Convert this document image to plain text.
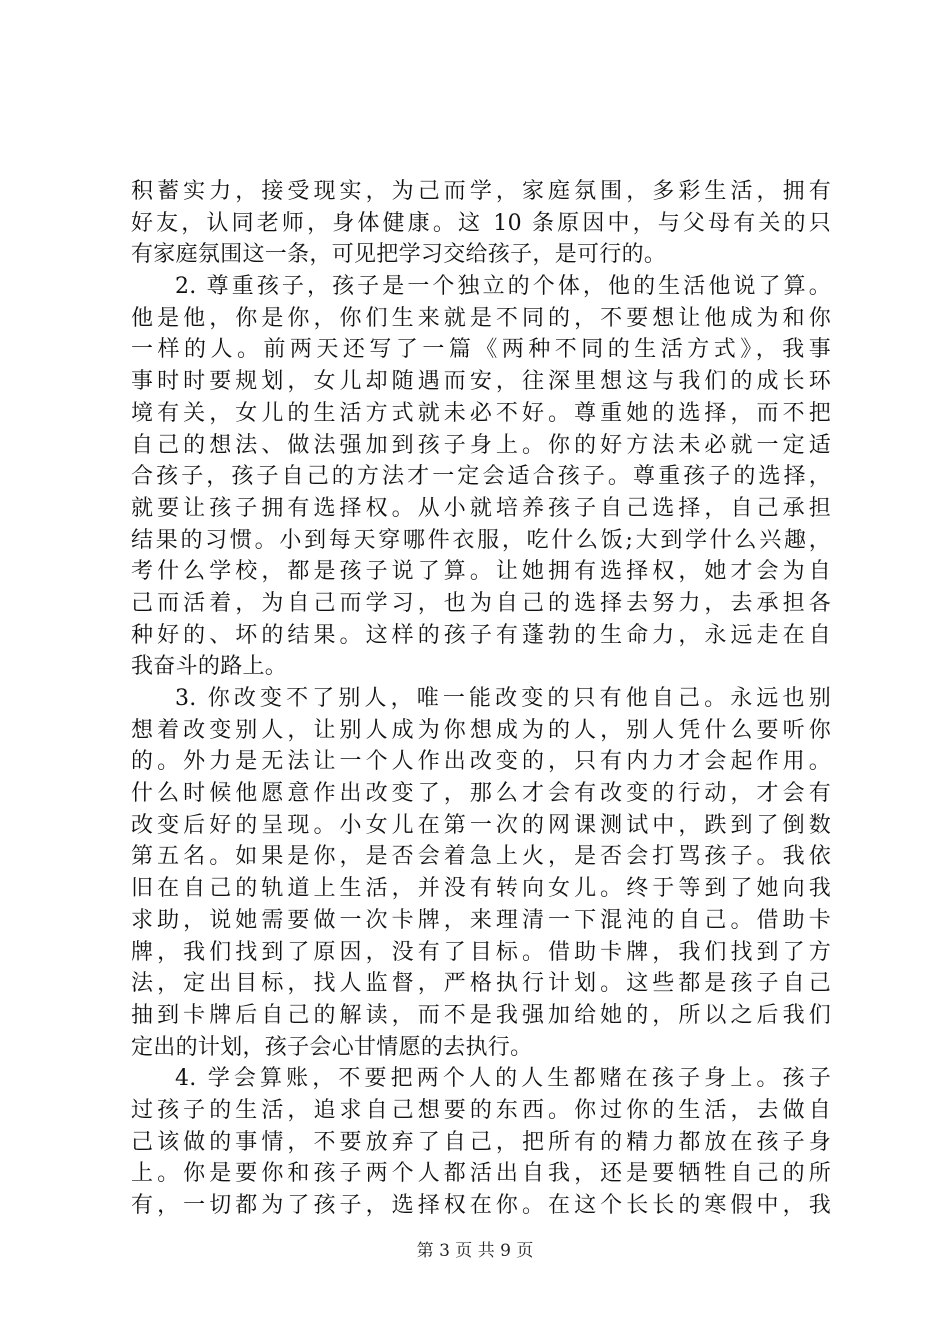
积蓄实力，接受现实，为己而学，家庭氛围，多彩生活，拥有
好友，认同老师，身体健康。这 10 条原因中，与父母有关的只
有家庭氛围这一条，可见把学习交给孩子，是可行的。
2. 尊重孩子，孩子是一个独立的个体，他的生活他说了算。
他是他，你是你，你们生来就是不同的，不要想让他成为和你
一样的人。前两天还写了一篇《两种不同的生活方式》，我事
事时时要规划，女儿却随遇而安，往深里想这与我们的成长环
境有关，女儿的生活方式就未必不好。尊重她的选择，而不把
自己的想法、做法强加到孩子身上。你的好方法未必就一定适
合孩子，孩子自己的方法才一定会适合孩子。尊重孩子的选择，
就要让孩子拥有选择权。从小就培养孩子自己选择，自己承担
结果的习惯。小到每天穿哪件衣服，吃什么饭;大到学什么兴趣，
考什么学校，都是孩子说了算。让她拥有选择权，她才会为自
己而活着，为自己而学习，也为自己的选择去努力，去承担各
种好的、坏的结果。这样的孩子有蓬勃的生命力，永远走在自
我奋斗的路上。
3. 你改变不了别人，唯一能改变的只有他自己。永远也别
想着改变别人，让别人成为你想成为的人，别人凭什么要听你
的。外力是无法让一个人作出改变的，只有内力才会起作用。
什么时候他愿意作出改变了，那么才会有改变的行动，才会有
改变后好的呈现。小女儿在第一次的网课测试中，跌到了倒数
第五名。如果是你，是否会着急上火，是否会打骂孩子。我依
旧在自己的轨道上生活，并没有转向女儿。终于等到了她向我
求助，说她需要做一次卡牌，来理清一下混沌的自己。借助卡
牌，我们找到了原因，没有了目标。借助卡牌，我们找到了方
法，定出目标，找人监督，严格执行计划。这些都是孩子自己
抽到卡牌后自己的解读，而不是我强加给她的，所以之后我们
定出的计划，孩子会心甘情愿的去执行。
4. 学会算账，不要把两个人的人生都赌在孩子身上。孩子
过孩子的生活，追求自己想要的东西。你过你的生活，去做自
己该做的事情，不要放弃了自己，把所有的精力都放在孩子身
上。你是要你和孩子两个人都活出自我，还是要牺牲自己的所
有，一切都为了孩子，选择权在你。在这个长长的寒假中，我
第 3 页 共 9 页
